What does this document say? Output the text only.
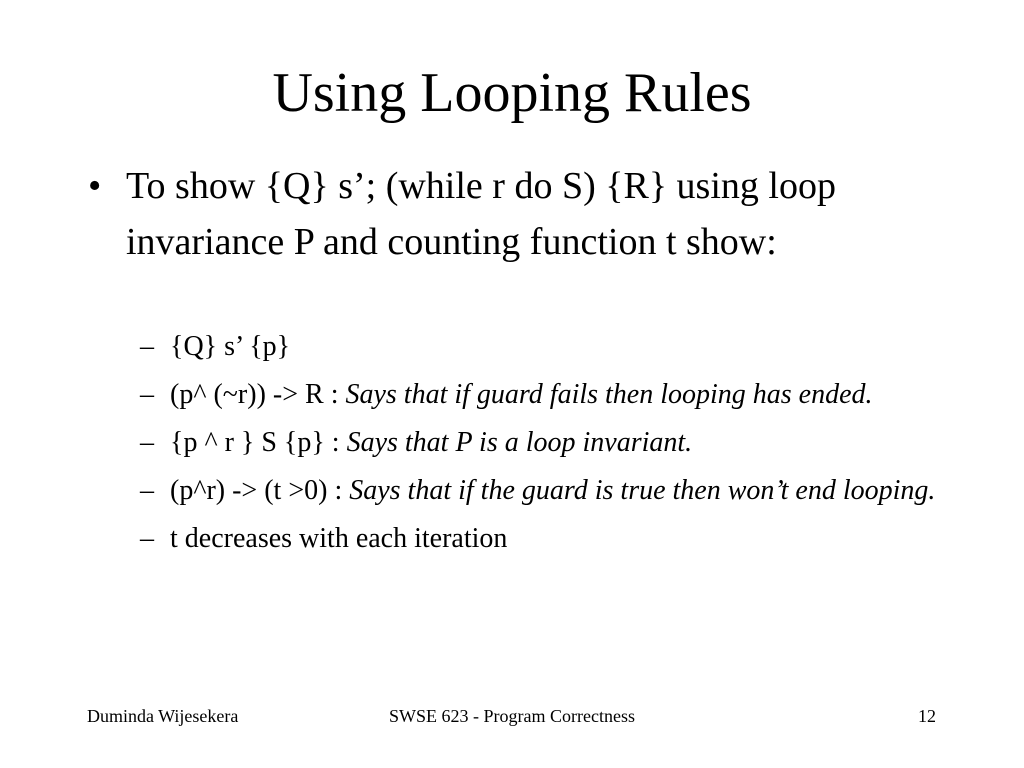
Using Looping Rules
• To show {Q} s’; (while r do S) {R} using loop invariance P and counting function t show:
– {Q} s’ {p}
– (p^ (~r)) -> R : Says that if guard fails then looping has ended.
– {p ^ r } S {p} : Says that P is a loop invariant.
– (p^r) -> (t >0) : Says that if the guard is true then won’t end looping.
– t decreases with each iteration
Duminda Wijesekera	SWSE 623 - Program Correctness	12
